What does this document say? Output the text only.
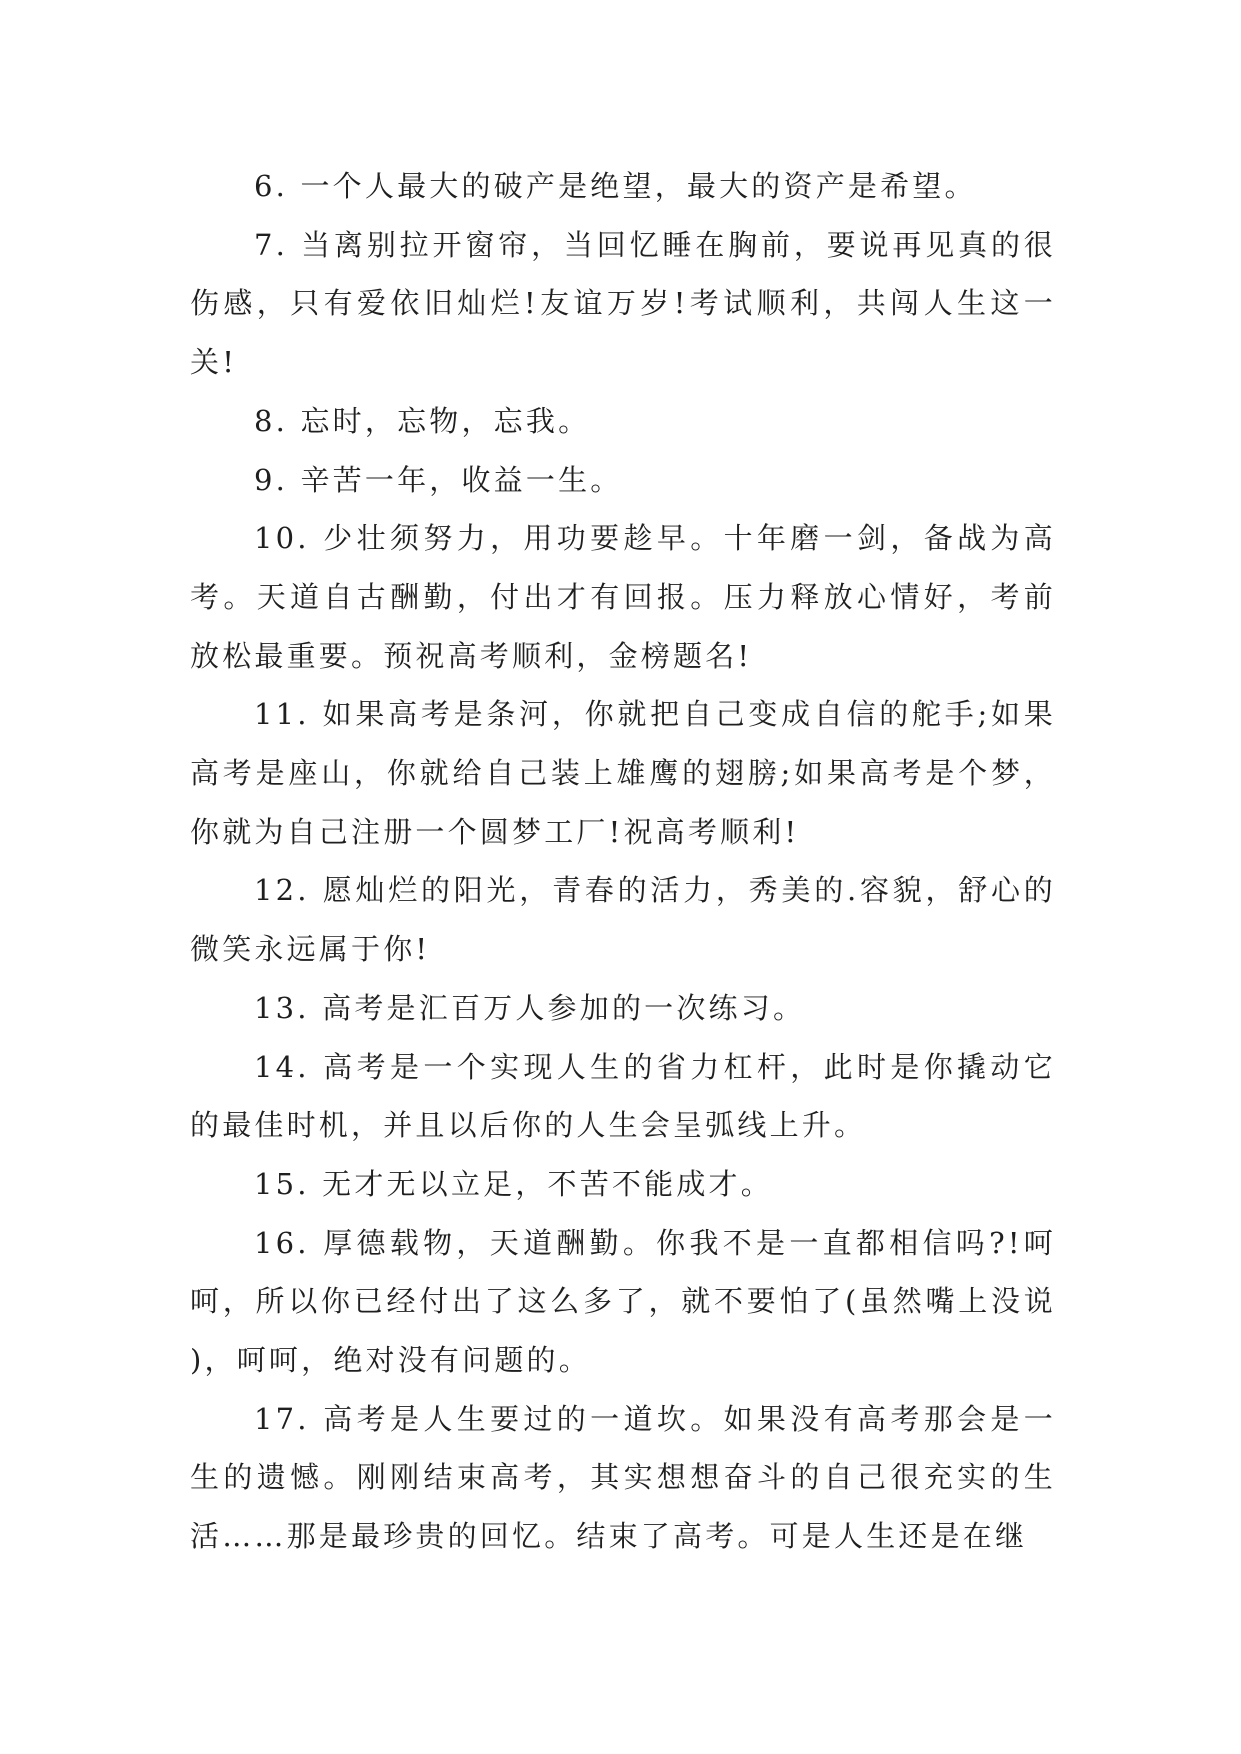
6. 一个人最大的破产是绝望，最大的资产是希望。

7. 当离别拉开窗帘，当回忆睡在胸前，要说再见真的很伤感，只有爱依旧灿烂!友谊万岁!考试顺利，共闯人生这一关!

8. 忘时，忘物，忘我。

9. 辛苦一年，收益一生。

10. 少壮须努力，用功要趁早。十年磨一剑，备战为高考。天道自古酬勤，付出才有回报。压力释放心情好，考前放松最重要。预祝高考顺利，金榜题名!

11. 如果高考是条河，你就把自己变成自信的舵手;如果高考是座山，你就给自己装上雄鹰的翅膀;如果高考是个梦，你就为自己注册一个圆梦工厂!祝高考顺利!

12. 愿灿烂的阳光，青春的活力，秀美的.容貌，舒心的微笑永远属于你!

13. 高考是汇百万人参加的一次练习。

14. 高考是一个实现人生的省力杠杆，此时是你撬动它的最佳时机，并且以后你的人生会呈弧线上升。

15. 无才无以立足，不苦不能成才。

16. 厚德载物，天道酬勤。你我不是一直都相信吗?!呵呵，所以你已经付出了这么多了，就不要怕了(虽然嘴上没说)，呵呵，绝对没有问题的。

17. 高考是人生要过的一道坎。如果没有高考那会是一生的遗憾。刚刚结束高考，其实想想奋斗的自己很充实的生活……那是最珍贵的回忆。结束了高考。可是人生还是在继
